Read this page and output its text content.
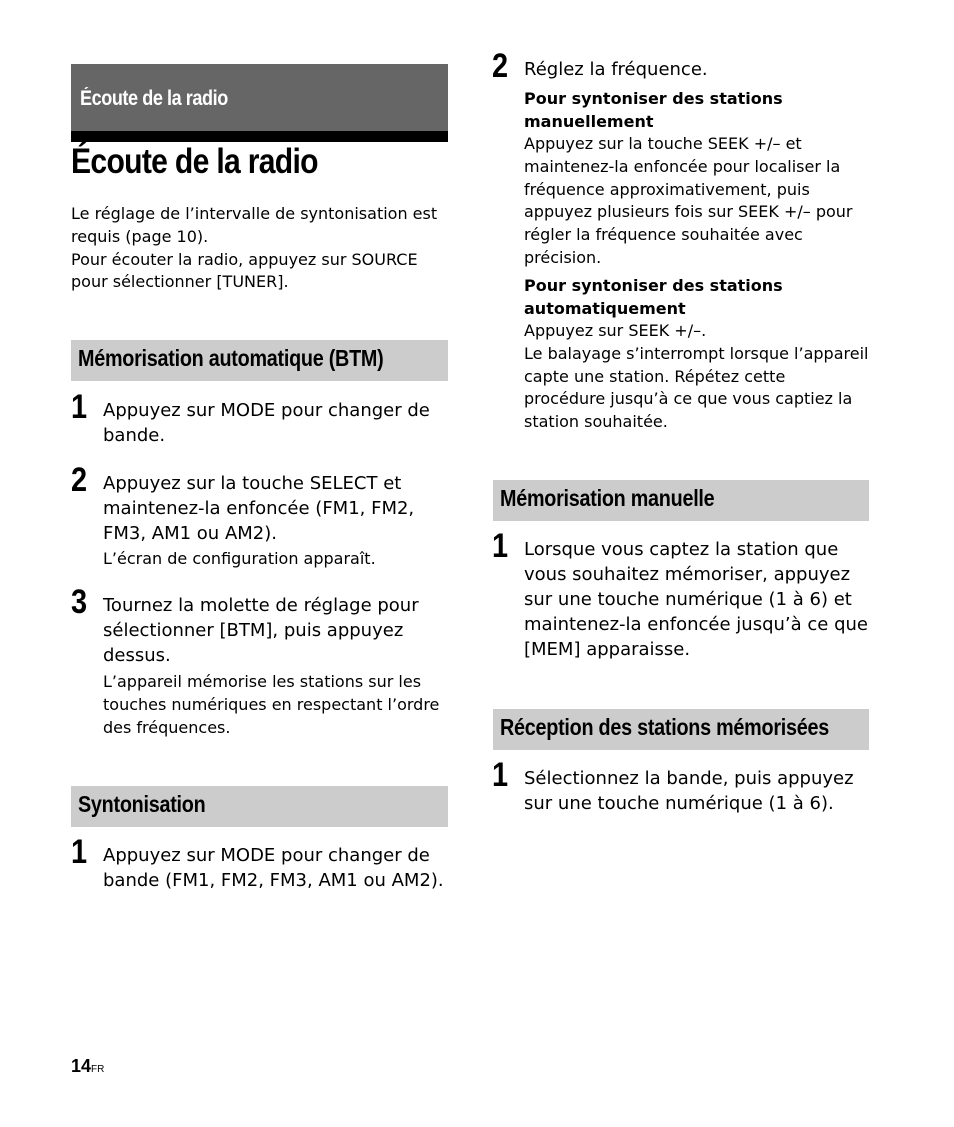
Écoute de la radio
Écoute de la radio

Le réglage de l’intervalle de syntonisation est requis (page 10).

Pour écouter la radio, appuyez sur SOURCE pour sélectionner [TUNER].

Mémorisation automatique (BTM)
1 Appuyez sur MODE pour changer de bande.
2 Appuyez sur la touche SELECT et maintenez-la enfoncée (FM1, FM2, FM3, AM1 ou AM2).
L’écran de configuration apparaît.
3 Tournez la molette de réglage pour sélectionner [BTM], puis appuyez dessus.
L’appareil mémorise les stations sur les touches numériques en respectant l’ordre des fréquences.
Syntonisation
1 Appuyez sur MODE pour changer de bande (FM1, FM2, FM3, AM1 ou AM2).
2 Réglez la fréquence.
Pour syntoniser des stations manuellement
Appuyez sur la touche SEEK +/– et maintenez-la enfoncée pour localiser la fréquence approximativement, puis appuyez plusieurs fois sur SEEK +/– pour régler la fréquence souhaitée avec précision.
Pour syntoniser des stations automatiquement
Appuyez sur SEEK +/–.
Le balayage s’interrompt lorsque l’appareil capte une station. Répétez cette procédure jusqu’à ce que vous captiez la station souhaitée.
Mémorisation manuelle
1 Lorsque vous captez la station que vous souhaitez mémoriser, appuyez sur une touche numérique (1 à 6) et maintenez-la enfoncée jusqu’à ce que [MEM] apparaisse.
Réception des stations mémorisées
1 Sélectionnez la bande, puis appuyez sur une touche numérique (1 à 6).
14FR
